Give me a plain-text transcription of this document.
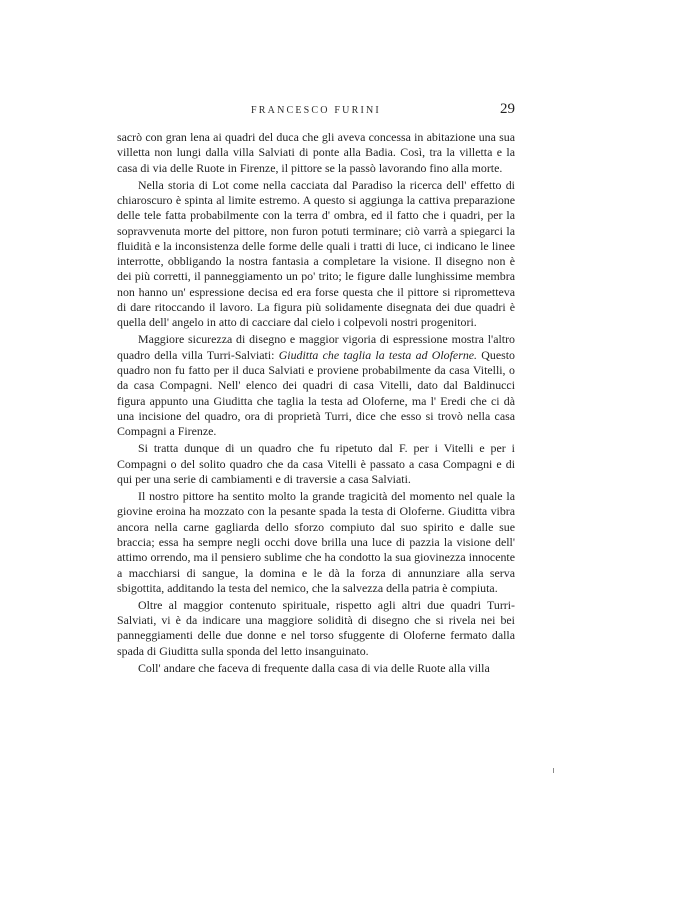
FRANCESCO FURINI	29

sacrò con gran lena ai quadri del duca che gli aveva concessa in abitazione una sua villetta non lungi dalla villa Salviati di ponte alla Badia. Così, tra la villetta e la casa di via delle Ruote in Firenze, il pittore se la passò lavorando fino alla morte.

Nella storia di Lot come nella cacciata dal Paradiso la ricerca dell' effetto di chiaroscuro è spinta al limite estremo. A questo si aggiunga la cattiva preparazione delle tele fatta probabilmente con la terra d' ombra, ed il fatto che i quadri, per la sopravvenuta morte del pittore, non furon potuti terminare; ciò varrà a spiegarci la fluidità e la inconsistenza delle forme delle quali i tratti di luce, ci indicano le linee interrotte, obbligando la nostra fantasia a completare la visione. Il disegno non è dei più corretti, il panneggiamento un po' trito; le figure dalle lunghissime membra non hanno un' espressione decisa ed era forse questa che il pittore si riprometteva di dare ritoccando il lavoro. La figura più solidamente disegnata dei due quadri è quella dell' angelo in atto di cacciare dal cielo i colpevoli nostri progenitori.

Maggiore sicurezza di disegno e maggior vigoria di espressione mostra l'altro quadro della villa Turri-Salviati: Giuditta che taglia la testa ad Oloferne. Questo quadro non fu fatto per il duca Salviati e proviene probabilmente da casa Vitelli, o da casa Compagni. Nell' elenco dei quadri di casa Vitelli, dato dal Baldinucci figura appunto una Giuditta che taglia la testa ad Oloferne, ma l' Eredi che ci dà una incisione del quadro, ora di proprietà Turri, dice che esso si trovò nella casa Compagni a Firenze.

Si tratta dunque di un quadro che fu ripetuto dal F. per i Vitelli e per i Compagni o del solito quadro che da casa Vitelli è passato a casa Compagni e di qui per una serie di cambiamenti e di traversie a casa Salviati.

Il nostro pittore ha sentito molto la grande tragicità del momento nel quale la giovine eroina ha mozzato con la pesante spada la testa di Oloferne. Giuditta vibra ancora nella carne gagliarda dello sforzo compiuto dal suo spirito e dalle sue braccia; essa ha sempre negli occhi dove brilla una luce di pazzia la visione dell' attimo orrendo, ma il pensiero sublime che ha condotto la sua giovinezza innocente a macchiarsi di sangue, la domina e le dà la forza di annunziare alla serva sbigottita, additando la testa del nemico, che la salvezza della patria è compiuta.

Oltre al maggior contenuto spirituale, rispetto agli altri due quadri Turri-Salviati, vi è da indicare una maggiore solidità di disegno che si rivela nei bei panneggiamenti delle due donne e nel torso sfuggente di Oloferne fermato dalla spada di Giuditta sulla sponda del letto insanguinato.

Coll' andare che faceva di frequente dalla casa di via delle Ruote alla villa
